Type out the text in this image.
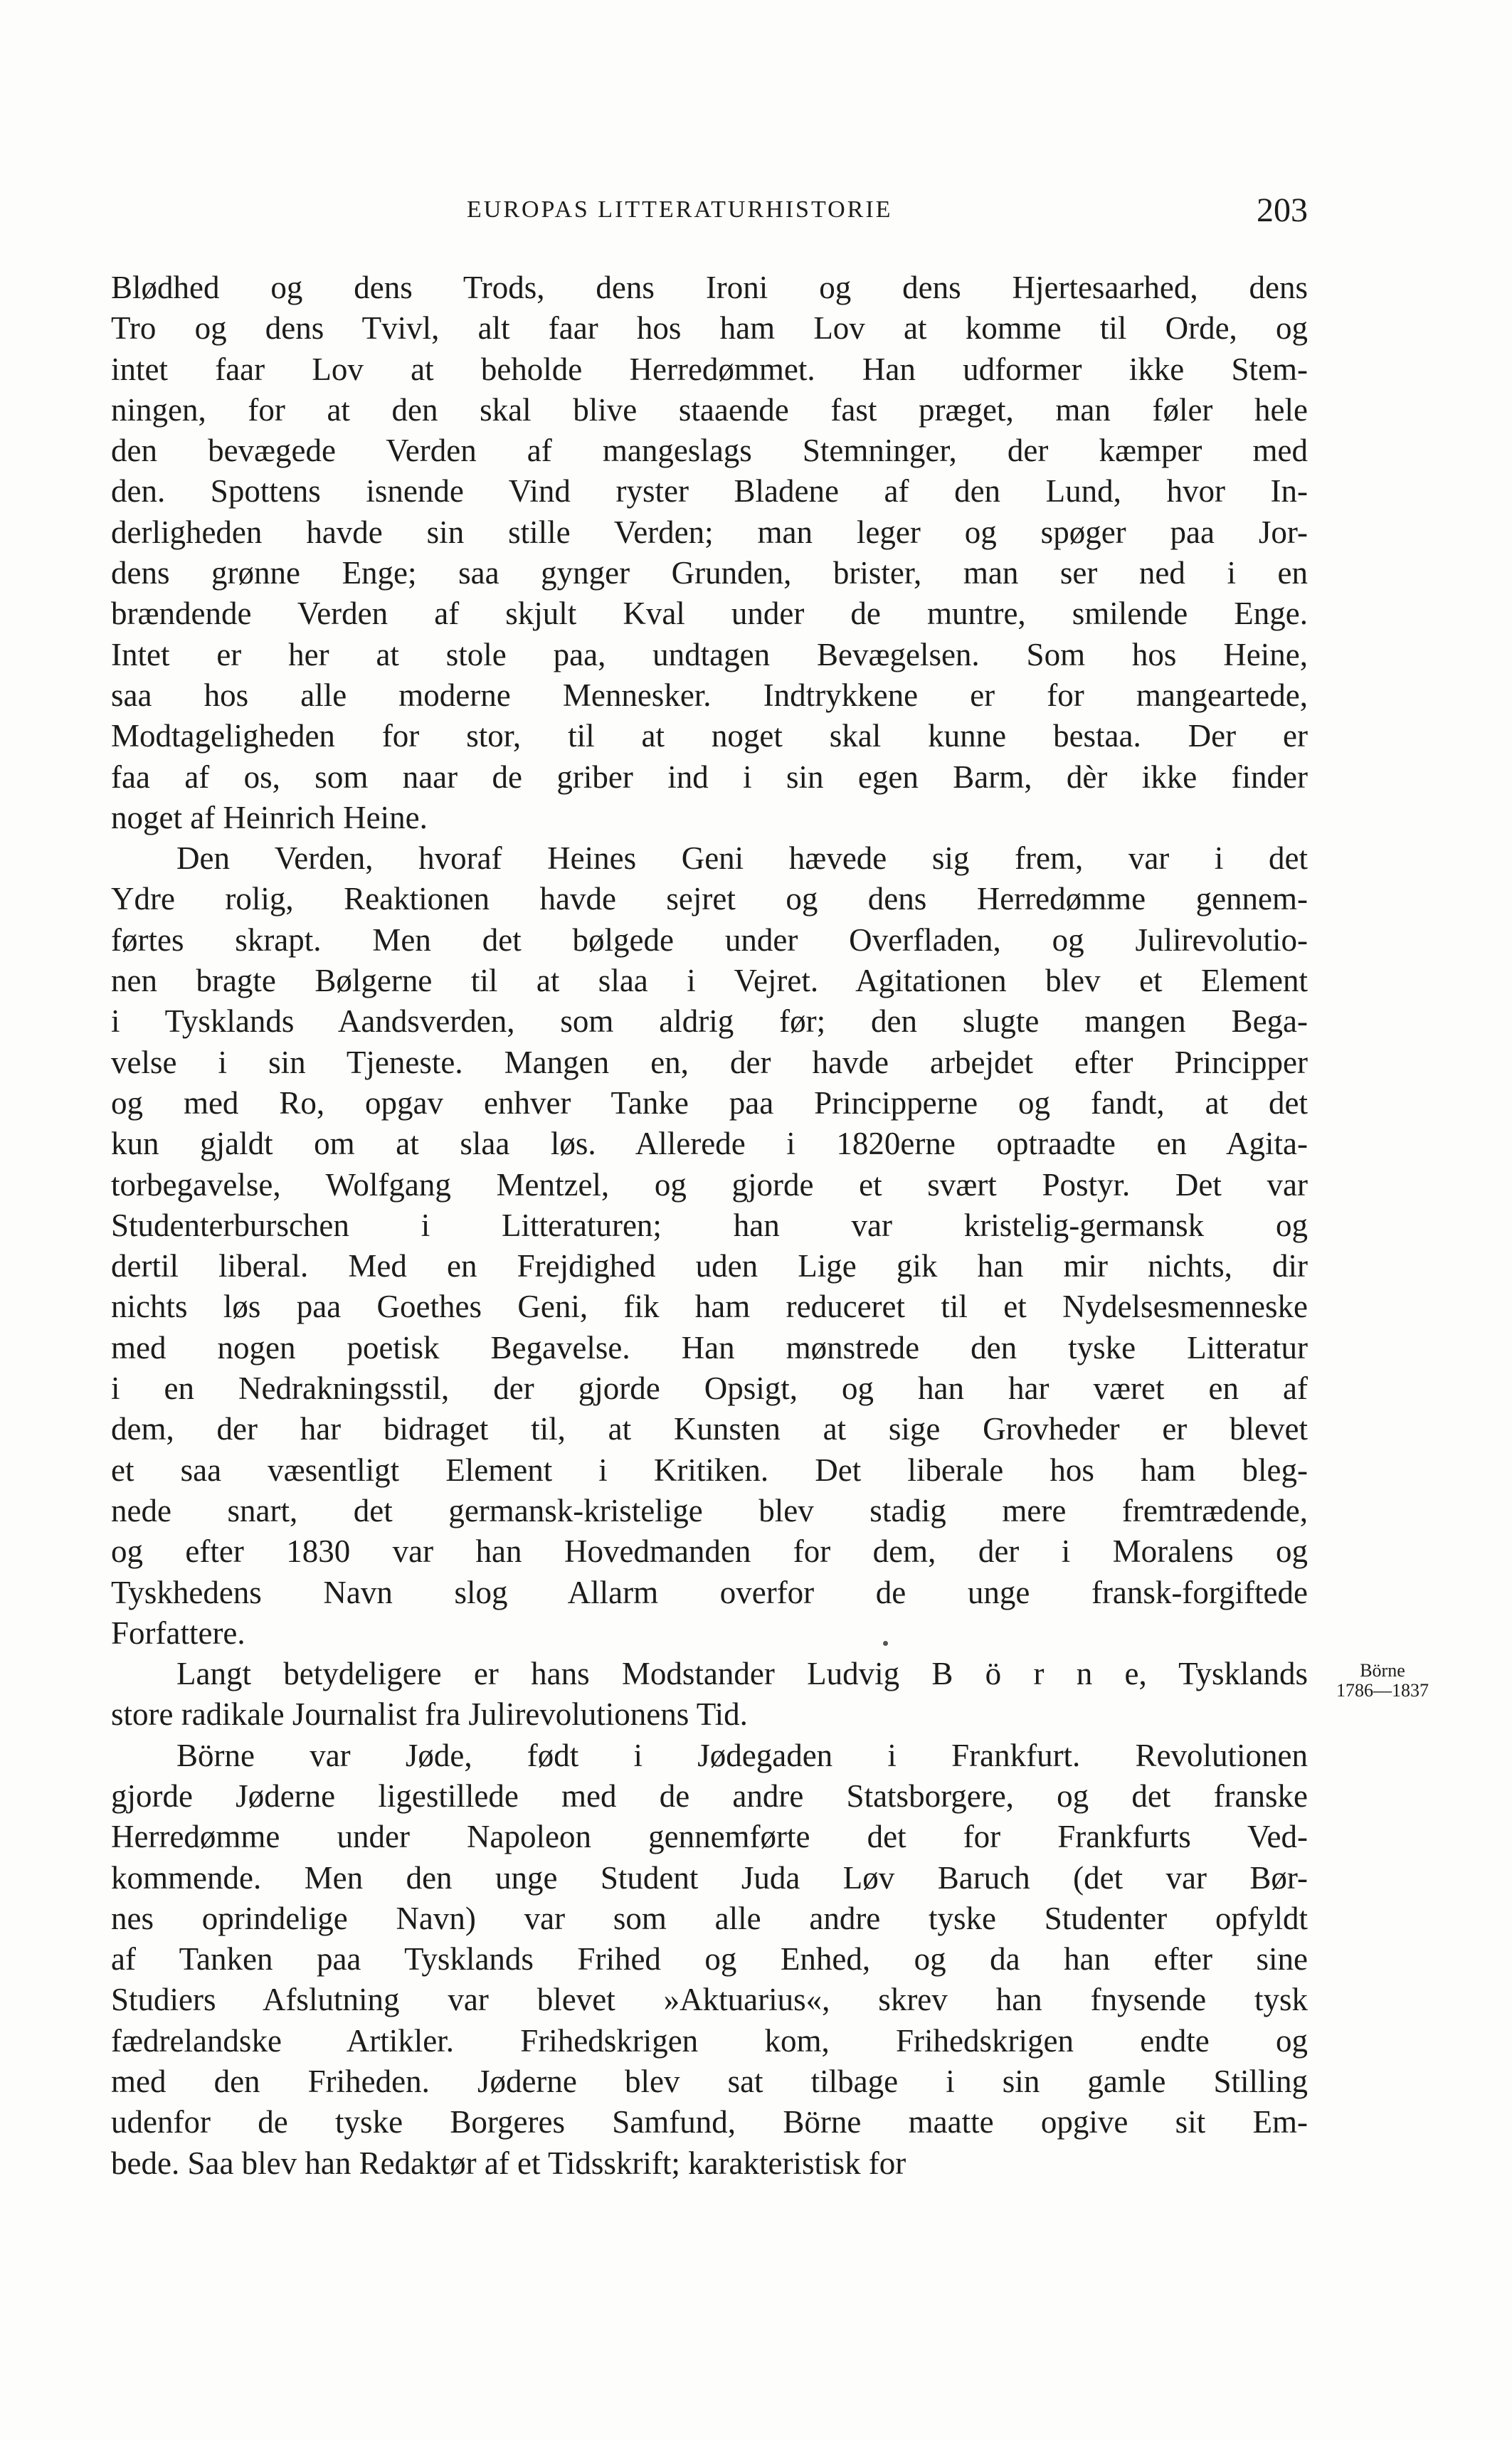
EUROPAS LITTERATURHISTORIE	203
Blødhed og dens Trods, dens Ironi og dens Hjertesaarhed, dens
Tro og dens Tvivl, alt faar hos ham Lov at komme til Orde, og
intet faar Lov at beholde Herredømmet. Han udformer ikke Stem-
ningen, for at den skal blive staaende fast præget, man føler hele
den bevægede Verden af mangeslags Stemninger, der kæmper med
den. Spottens isnende Vind ryster Bladene af den Lund, hvor In-
derligheden havde sin stille Verden; man leger og spøger paa Jor-
dens grønne Enge; saa gynger Grunden, brister, man ser ned i en
brændende Verden af skjult Kval under de muntre, smilende Enge.
Intet er her at stole paa, undtagen Bevægelsen. Som hos Heine,
saa hos alle moderne Mennesker. Indtrykkene er for mangeartede,
Modtageligheden for stor, til at noget skal kunne bestaa. Der er
faa af os, som naar de griber ind i sin egen Barm, dèr ikke finder
noget af Heinrich Heine.
Den Verden, hvoraf Heines Geni hævede sig frem, var i det
Ydre rolig, Reaktionen havde sejret og dens Herredømme gennem-
førtes skrapt. Men det bølgede under Overfladen, og Julirevolutio-
nen bragte Bølgerne til at slaa i Vejret. Agitationen blev et Element
i Tysklands Aandsverden, som aldrig før; den slugte mangen Bega-
velse i sin Tjeneste. Mangen en, der havde arbejdet efter Principper
og med Ro, opgav enhver Tanke paa Principperne og fandt, at det
kun gjaldt om at slaa løs. Allerede i 1820erne optraadte en Agita-
torbegavelse, Wolfgang Mentzel, og gjorde et svært Postyr. Det var
Studenterburschen i Litteraturen; han var kristelig-germansk og
dertil liberal. Med en Frejdighed uden Lige gik han mir nichts, dir
nichts løs paa Goethes Geni, fik ham reduceret til et Nydelsesmenneske
med nogen poetisk Begavelse. Han mønstrede den tyske Litteratur
i en Nedrakningsstil, der gjorde Opsigt, og han har været en af
dem, der har bidraget til, at Kunsten at sige Grovheder er blevet
et saa væsentligt Element i Kritiken. Det liberale hos ham bleg-
nede snart, det germansk-kristelige blev stadig mere fremtrædende,
og efter 1830 var han Hovedmanden for dem, der i Moralens og
Tyskhedens Navn slog Allarm overfor de unge fransk-forgiftede
Forfattere.
Langt betydeligere er hans Modstander Ludvig B ö r n e, Tysklands
store radikale Journalist fra Julirevolutionens Tid.
Börne var Jøde, født i Jødegaden i Frankfurt. Revolutionen
gjorde Jøderne ligestillede med de andre Statsborgere, og det franske
Herredømme under Napoleon gennemførte det for Frankfurts Ved-
kommende. Men den unge Student Juda Løv Baruch (det var Bør-
nes oprindelige Navn) var som alle andre tyske Studenter opfyldt
af Tanken paa Tysklands Frihed og Enhed, og da han efter sine
Studiers Afslutning var blevet »Aktuarius«, skrev han fnysende tysk
fædrelandske Artikler. Frihedskrigen kom, Frihedskrigen endte og
med den Friheden. Jøderne blev sat tilbage i sin gamle Stilling
udenfor de tyske Borgeres Samfund, Börne maatte opgive sit Em-
bede. Saa blev han Redaktør af et Tidsskrift; karakteristisk for
Börne
1786—1837
